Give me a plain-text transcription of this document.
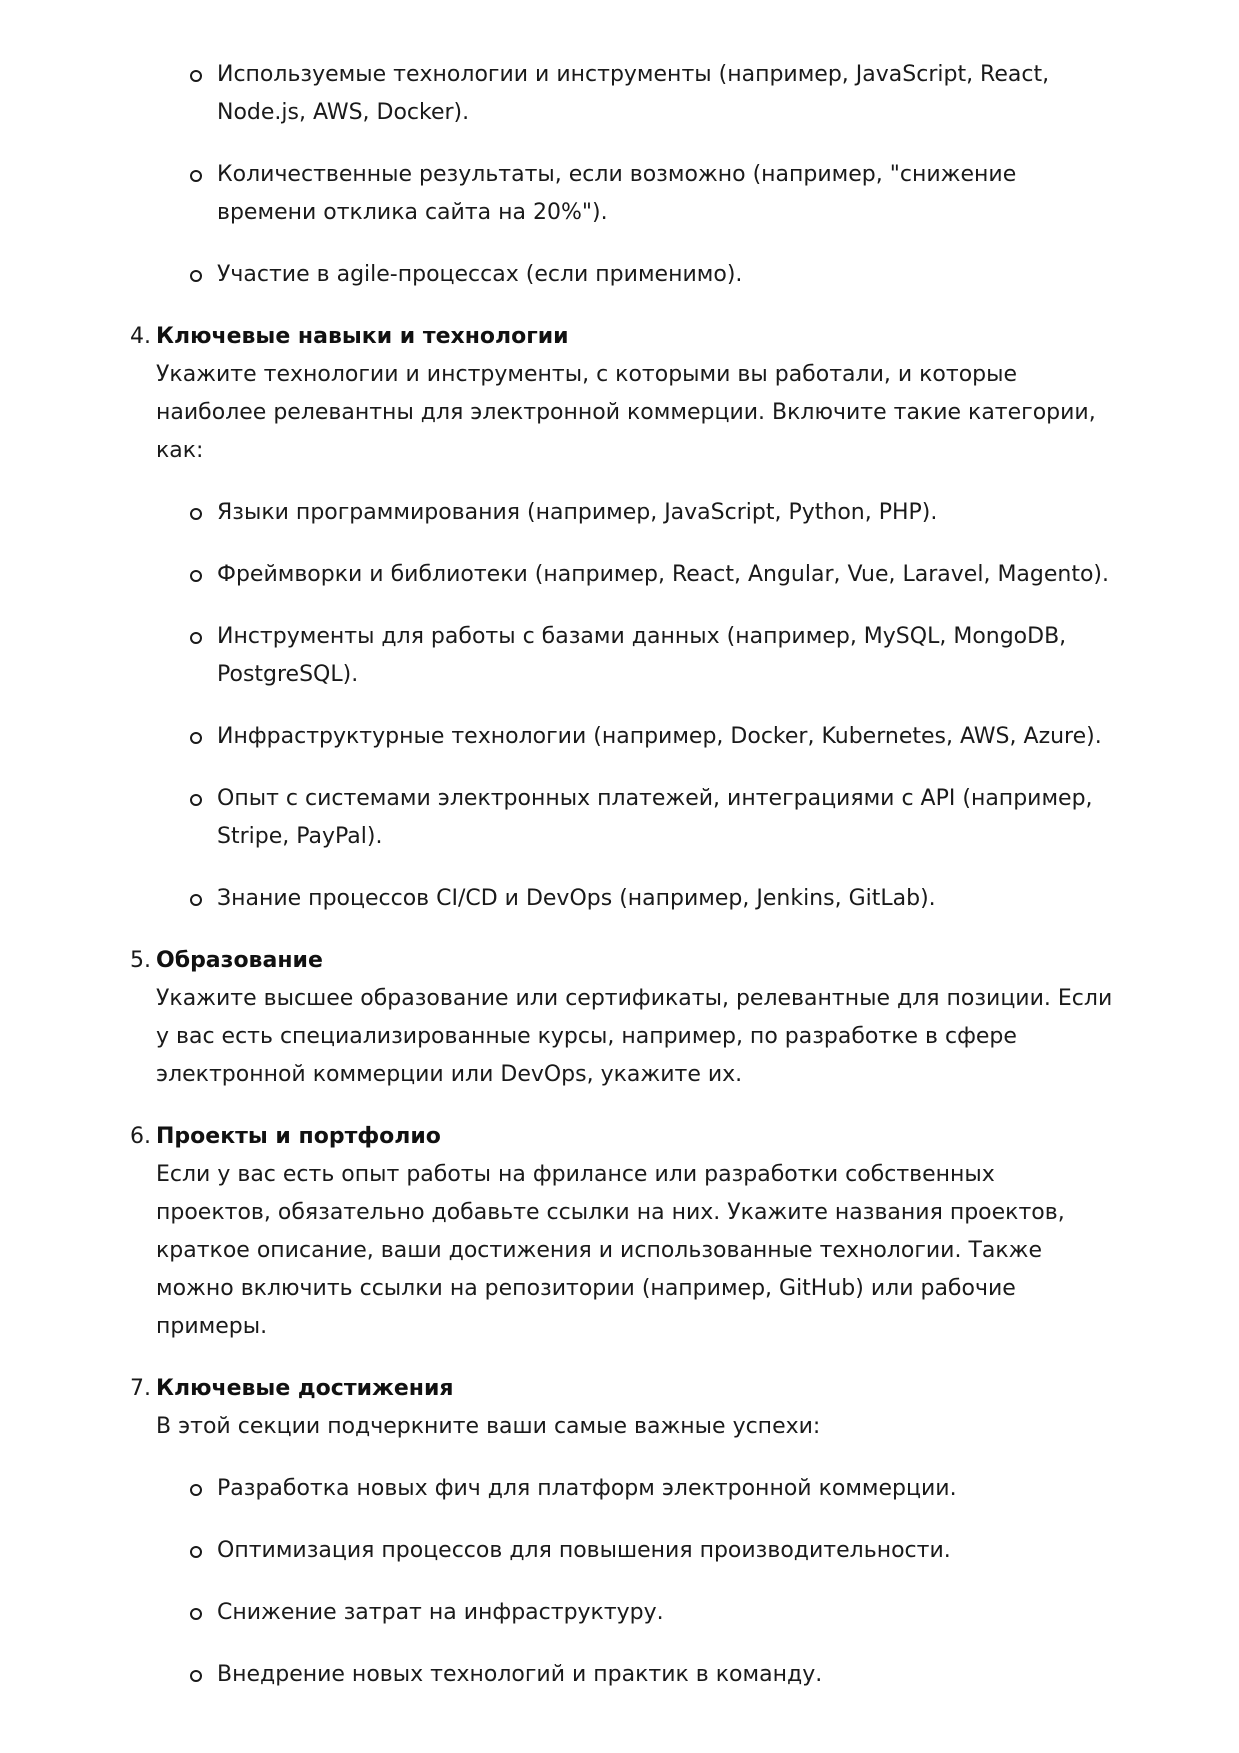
Используемые технологии и инструменты (например, JavaScript, React, Node.js, AWS, Docker).
Количественные результаты, если возможно (например, "снижение времени отклика сайта на 20%").
Участие в agile-процессах (если применимо).
4. Ключевые навыки и технологии
Укажите технологии и инструменты, с которыми вы работали, и которые наиболее релевантны для электронной коммерции. Включите такие категории, как:
Языки программирования (например, JavaScript, Python, PHP).
Фреймворки и библиотеки (например, React, Angular, Vue, Laravel, Magento).
Инструменты для работы с базами данных (например, MySQL, MongoDB, PostgreSQL).
Инфраструктурные технологии (например, Docker, Kubernetes, AWS, Azure).
Опыт с системами электронных платежей, интеграциями с API (например, Stripe, PayPal).
Знание процессов CI/CD и DevOps (например, Jenkins, GitLab).
5. Образование
Укажите высшее образование или сертификаты, релевантные для позиции. Если у вас есть специализированные курсы, например, по разработке в сфере электронной коммерции или DevOps, укажите их.
6. Проекты и портфолио
Если у вас есть опыт работы на фрилансе или разработки собственных проектов, обязательно добавьте ссылки на них. Укажите названия проектов, краткое описание, ваши достижения и использованные технологии. Также можно включить ссылки на репозитории (например, GitHub) или рабочие примеры.
7. Ключевые достижения
В этой секции подчеркните ваши самые важные успехи:
Разработка новых фич для платформ электронной коммерции.
Оптимизация процессов для повышения производительности.
Снижение затрат на инфраструктуру.
Внедрение новых технологий и практик в команду.
